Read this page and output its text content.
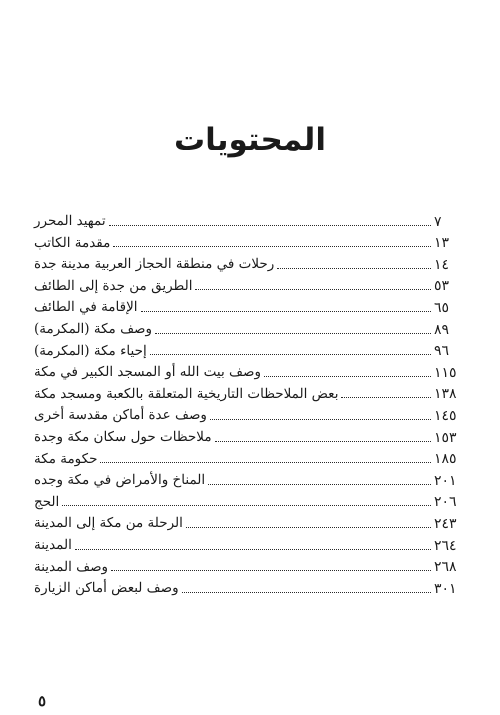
المحتويات
تمهيد المحرر	٧
مقدمة الكاتب	١٣
رحلات في منطقة الحجاز العربية مدينة جدة	١٤
الطريق من جدة إلى الطائف	٥٣
الإقامة في الطائف	٦٥
وصف مكة (المكرمة)	٨٩
إحياء مكة (المكرمة)	٩٦
وصف بيت الله أو المسجد الكبير في مكة	١١٥
بعض الملاحظات التاريخية المتعلقة بالكعبة ومسجد مكة	١٣٨
وصف عدة أماكن مقدسة أخرى	١٤٥
ملاحظات حول سكان مكة وجدة	١٥٣
حكومة مكة	١٨٥
المناخ والأمراض في مكة وجده	٢٠١
الحج	٢٠٦
الرحلة من مكة إلى المدينة	٢٤٣
المدينة	٢٦٤
وصف المدينة	٢٦٨
وصف لبعض أماكن الزيارة	٣٠١
٥
